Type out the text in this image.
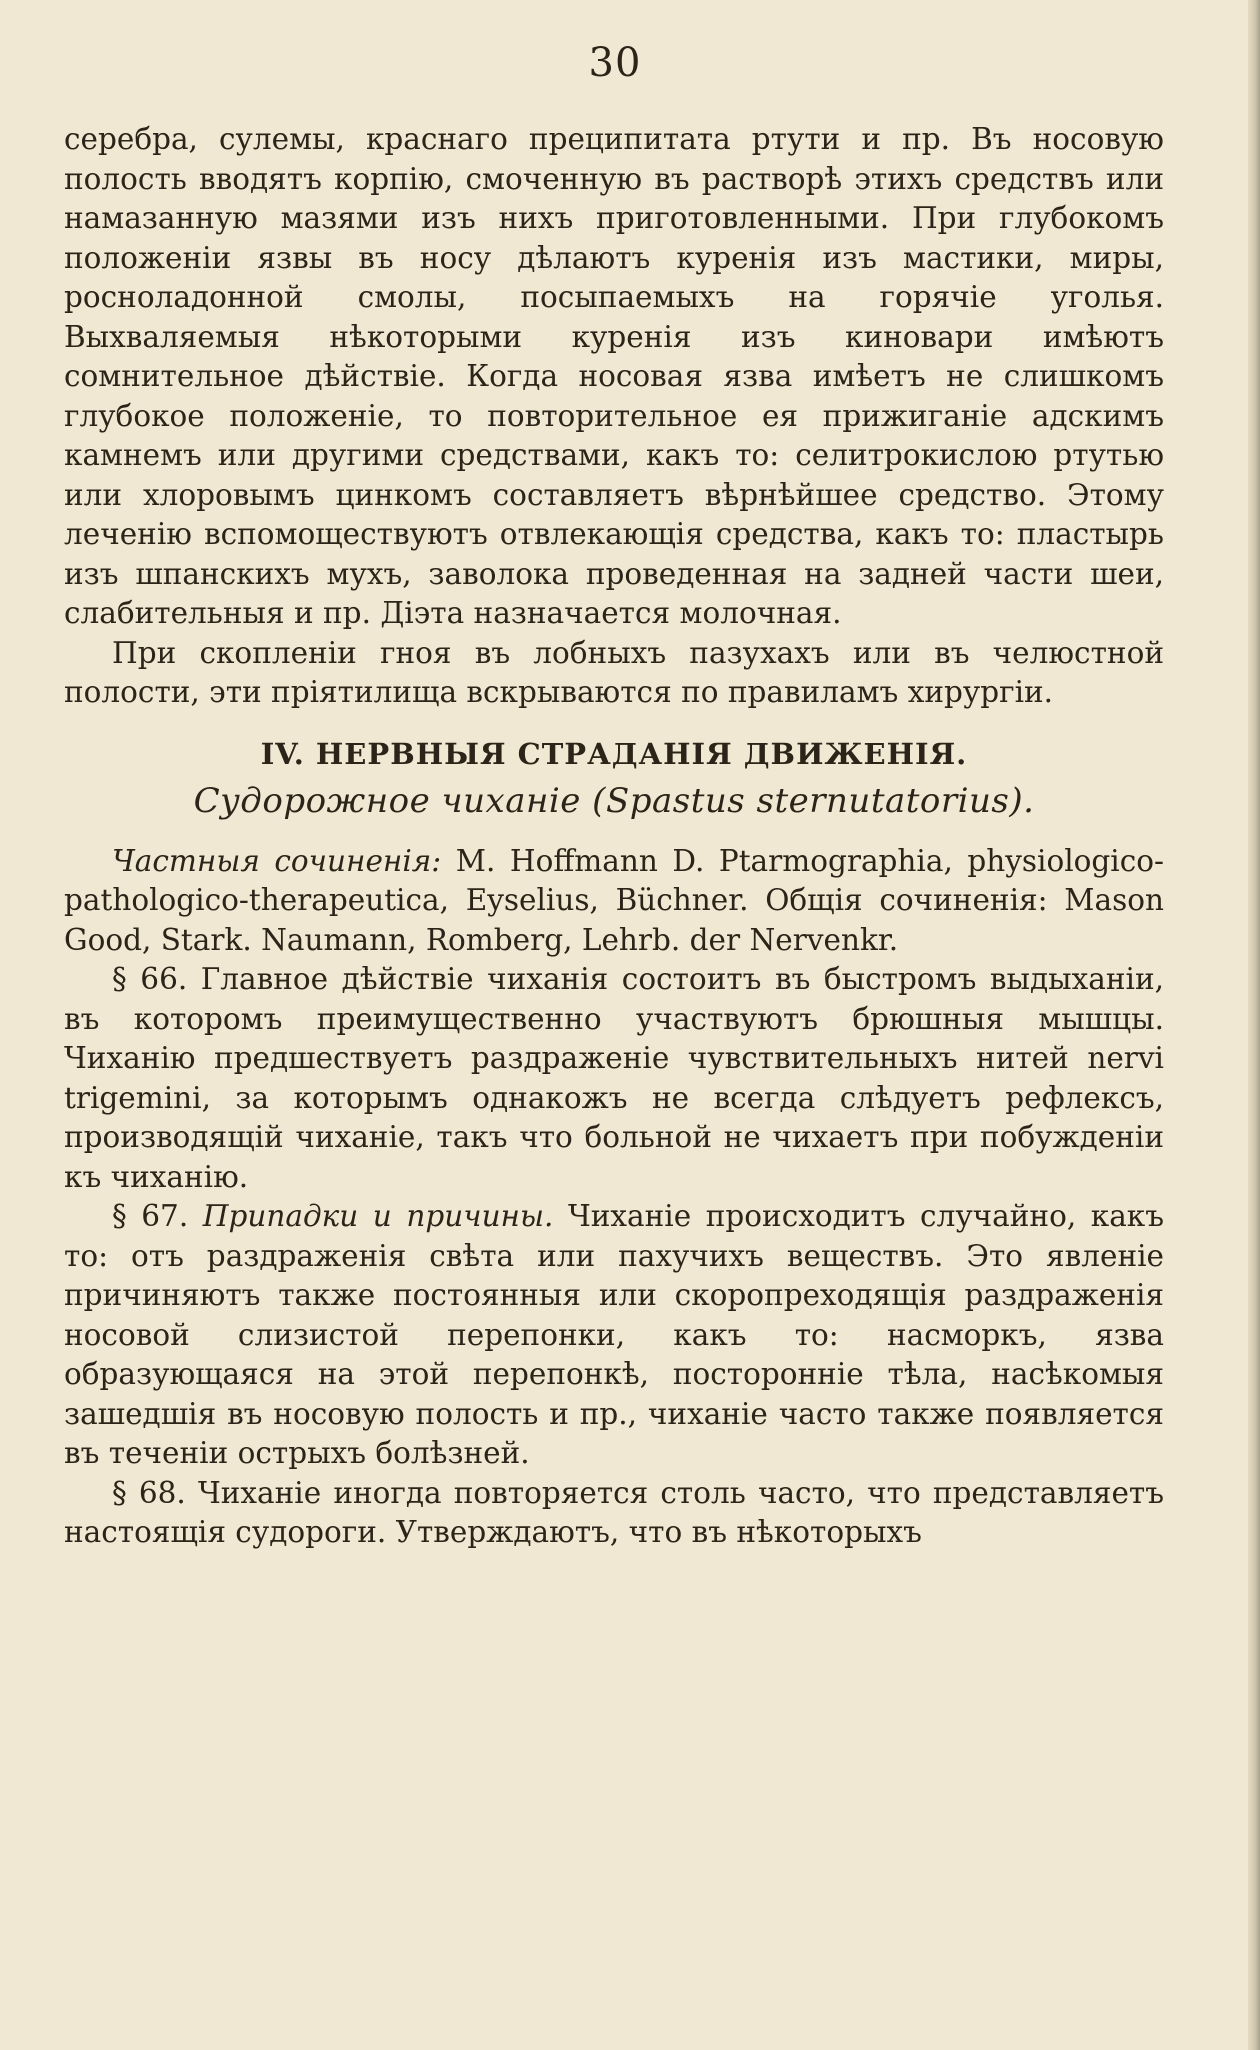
30

серебра, сулемы, краснаго преципитата ртути и пр. Въ носовую полость вводятъ корпію, смоченную въ растворѣ этихъ средствъ или намазанную мазями изъ нихъ приготовленными. При глубокомъ положеніи язвы въ носу дѣлаютъ куренія изъ мастики, миры, росноладонной смолы, посыпаемыхъ на горячіе уголья. Выхваляемыя нѣкоторыми куренія изъ киновари имѣютъ сомнительное дѣйствіе. Когда носовая язва имѣетъ не слишкомъ глубокое положеніе, то повторительное ея прижиганіе адскимъ камнемъ или другими средствами, какъ то: селитрокислою ртутью или хлоровымъ цинкомъ составляетъ вѣрнѣйшее средство. Этому леченію вспомоществуютъ отвлекающія средства, какъ то: пластырь изъ шпанскихъ мухъ, заволока проведенная на задней части шеи, слабительныя и пр. Діэта назначается молочная.

При скопленіи гноя въ лобныхъ пазухахъ или въ челюстной полости, эти пріятилища вскрываются по правиламъ хирургіи.

IV. НЕРВНЫЯ СТРАДАНІЯ ДВИЖЕНІЯ.
Судорожное чиханіе (Spastus sternutatorius).

Частныя сочиненія: M. Hoffmann D. Ptarmographia, physiologico-pathologico-therapeutica, Eyselius, Büchner. Общія сочиненія: Mason Good, Stark. Naumann, Romberg, Lehrb. der Nervenkr.

§ 66. Главное дѣйствіе чиханія состоитъ въ быстромъ выдыханіи, въ которомъ преимущественно участвуютъ брюшныя мышцы. Чиханію предшествуетъ раздраженіе чувствительныхъ нитей nervi trigemini, за которымъ однакожъ не всегда слѣдуетъ рефлексъ, производящій чиханіе, такъ что больной не чихаетъ при побужденіи къ чиханію.

§ 67. Припадки и причины. Чиханіе происходитъ случайно, какъ то: отъ раздраженія свѣта или пахучихъ веществъ. Это явленіе причиняютъ также постоянныя или скоропреходящія раздраженія носовой слизистой перепонки, какъ то: насморкъ, язва образующаяся на этой перепонкѣ, посторонніе тѣла, насѣкомыя зашедшія въ носовую полость и пр., чиханіе часто также появляется въ теченіи острыхъ болѣзней.

§ 68. Чиханіе иногда повторяется столь часто, что представляетъ настоящія судороги. Утверждаютъ, что въ нѣкоторыхъ
